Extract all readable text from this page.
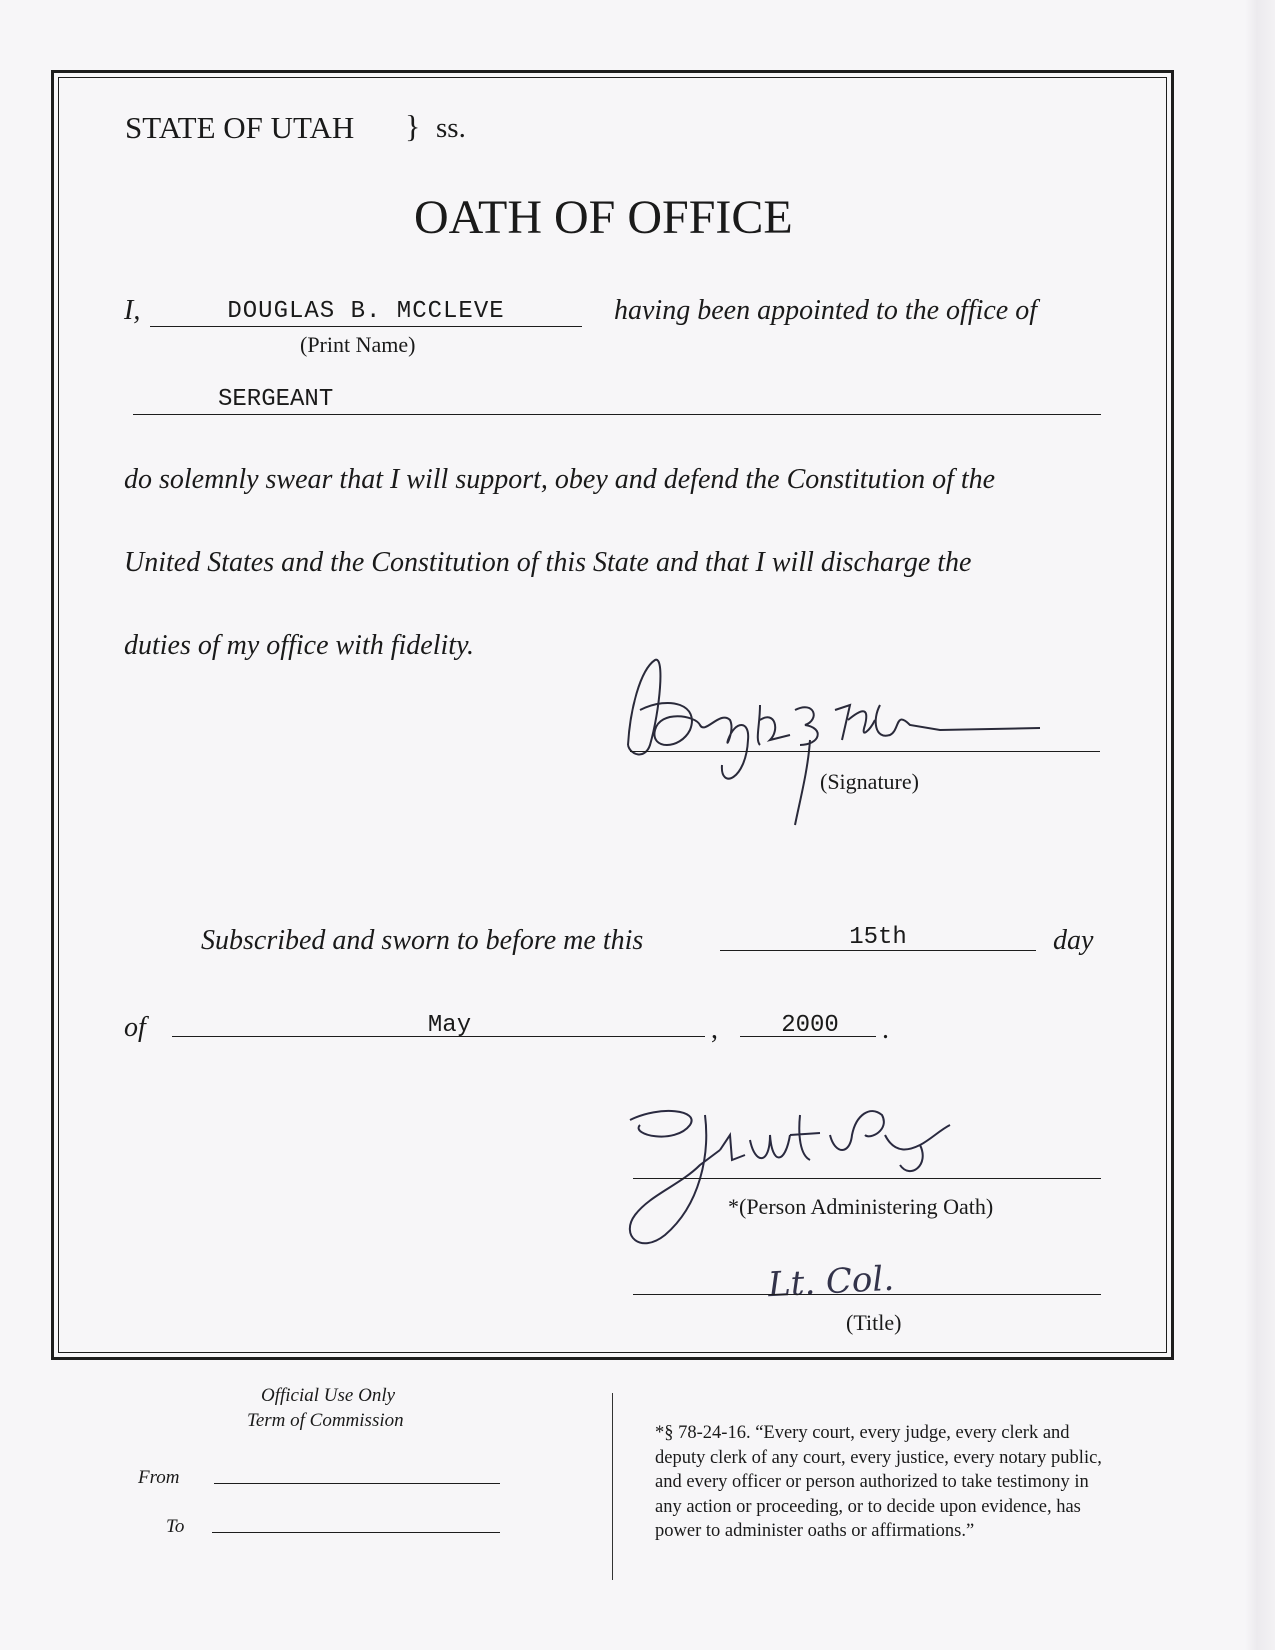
STATE OF UTAH } ss.
OATH OF OFFICE
I,	DOUGLAS B. MCCLEVE
(Print Name)
having been appointed to the office of
SERGEANT
do solemnly swear that I will support, obey and defend the Constitution of the
United States and the Constitution of this State and that I will discharge the
duties of my office with fidelity.
(Signature)
Subscribed and sworn to before me this	15th	day
of	May	,	2000	.
*(Person Administering Oath)
Lt. Col.
(Title)
Official Use Only
Term of Commission
From
To
*§ 78-24-16. “Every court, every judge, every clerk and
deputy clerk of any court, every justice, every notary public,
and every officer or person authorized to take testimony in
any action or proceeding, or to decide upon evidence, has
power to administer oaths or affirmations.”
